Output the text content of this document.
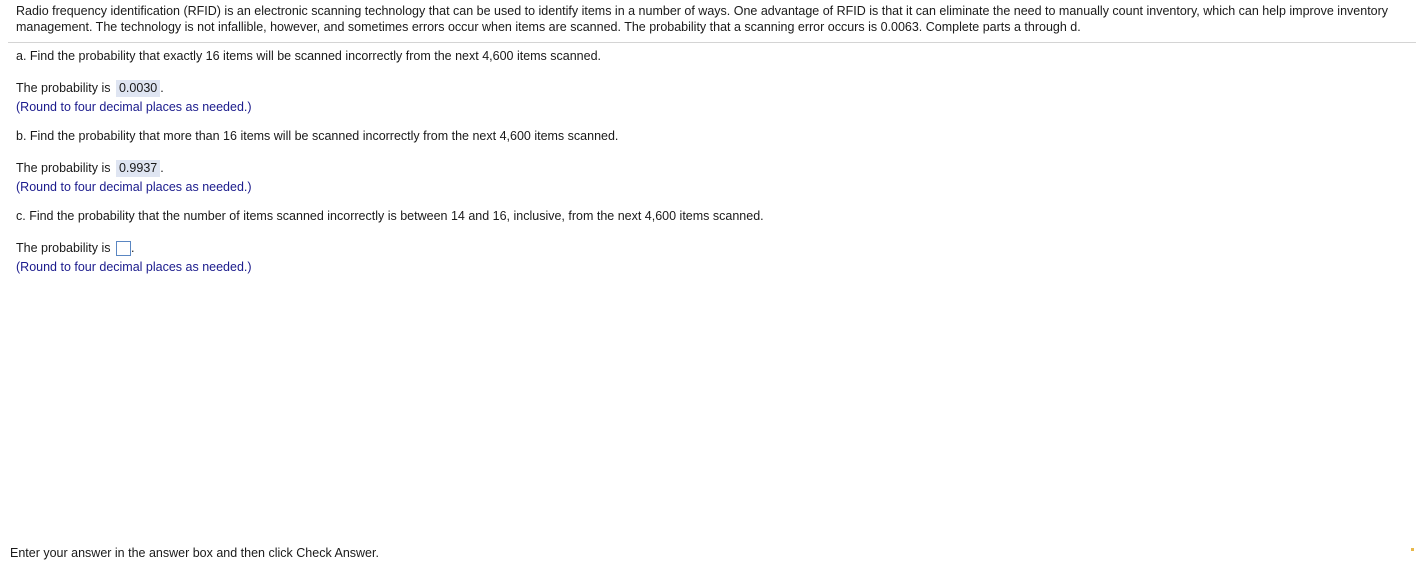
Radio frequency identification (RFID) is an electronic scanning technology that can be used to identify items in a number of ways. One advantage of RFID is that it can eliminate the need to manually count inventory, which can help improve inventory management. The technology is not infallible, however, and sometimes errors occur when items are scanned. The probability that a scanning error occurs is 0.0063. Complete parts a through d.
a. Find the probability that exactly 16 items will be scanned incorrectly from the next 4,600 items scanned.
The probability is 0.0030 .
(Round to four decimal places as needed.)
b. Find the probability that more than 16 items will be scanned incorrectly from the next 4,600 items scanned.
The probability is 0.9937 .
(Round to four decimal places as needed.)
c. Find the probability that the number of items scanned incorrectly is between 14 and 16, inclusive, from the next 4,600 items scanned.
The probability is .
(Round to four decimal places as needed.)
Enter your answer in the answer box and then click Check Answer.
